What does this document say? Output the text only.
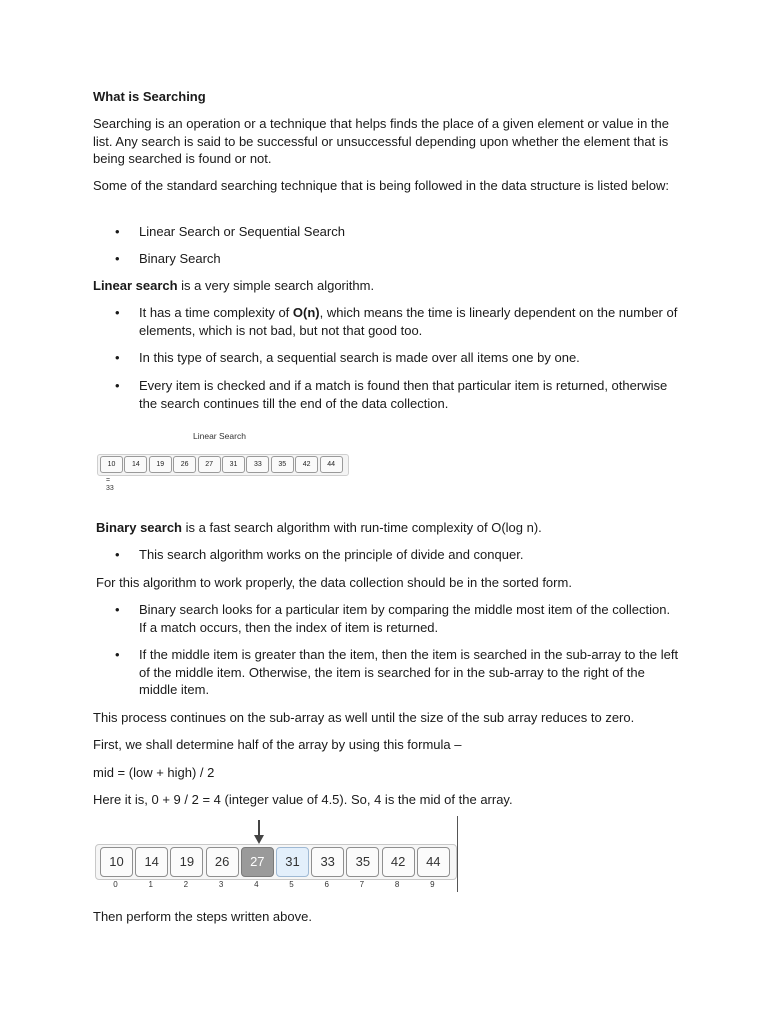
What is Searching

Searching is an operation or a technique that helps finds the place of a given element or value in the list. Any search is said to be successful or unsuccessful depending upon whether the element that is being searched is found or not.

Some of the standard searching technique that is being followed in the data structure is listed below:

• Linear Search or Sequential Search
• Binary Search

Linear search is a very simple search algorithm.

• It has a time complexity of O(n), which means the time is linearly dependent on the number of elements, which is not bad, but not that good too.
• In this type of search, a sequential search is made over all items one by one.
• Every item is checked and if a match is found then that particular item is returned, otherwise the search continues till the end of the data collection.

Binary search is a fast search algorithm with run-time complexity of O(log n).

• This search algorithm works on the principle of divide and conquer.

For this algorithm to work properly, the data collection should be in the sorted form.

• Binary search looks for a particular item by comparing the middle most item of the collection. If a match occurs, then the index of item is returned.
• If the middle item is greater than the item, then the item is searched in the sub-array to the left of the middle item. Otherwise, the item is searched for in the sub-array to the right of the middle item.

This process continues on the sub-array as well until the size of the sub array reduces to zero.

First, we shall determine half of the array by using this formula –

mid = (low + high) / 2

Here it is, 0 + 9 / 2 = 4 (integer value of 4.5). So, 4 is the mid of the array.

Then perform the steps written above.

Linear Search
10	14	19	26	27	31	33	35	42	44
=
33
10
0
14
1
19
2
26
3
27
4
31
5
33
6
35
7
42
8
44
9
